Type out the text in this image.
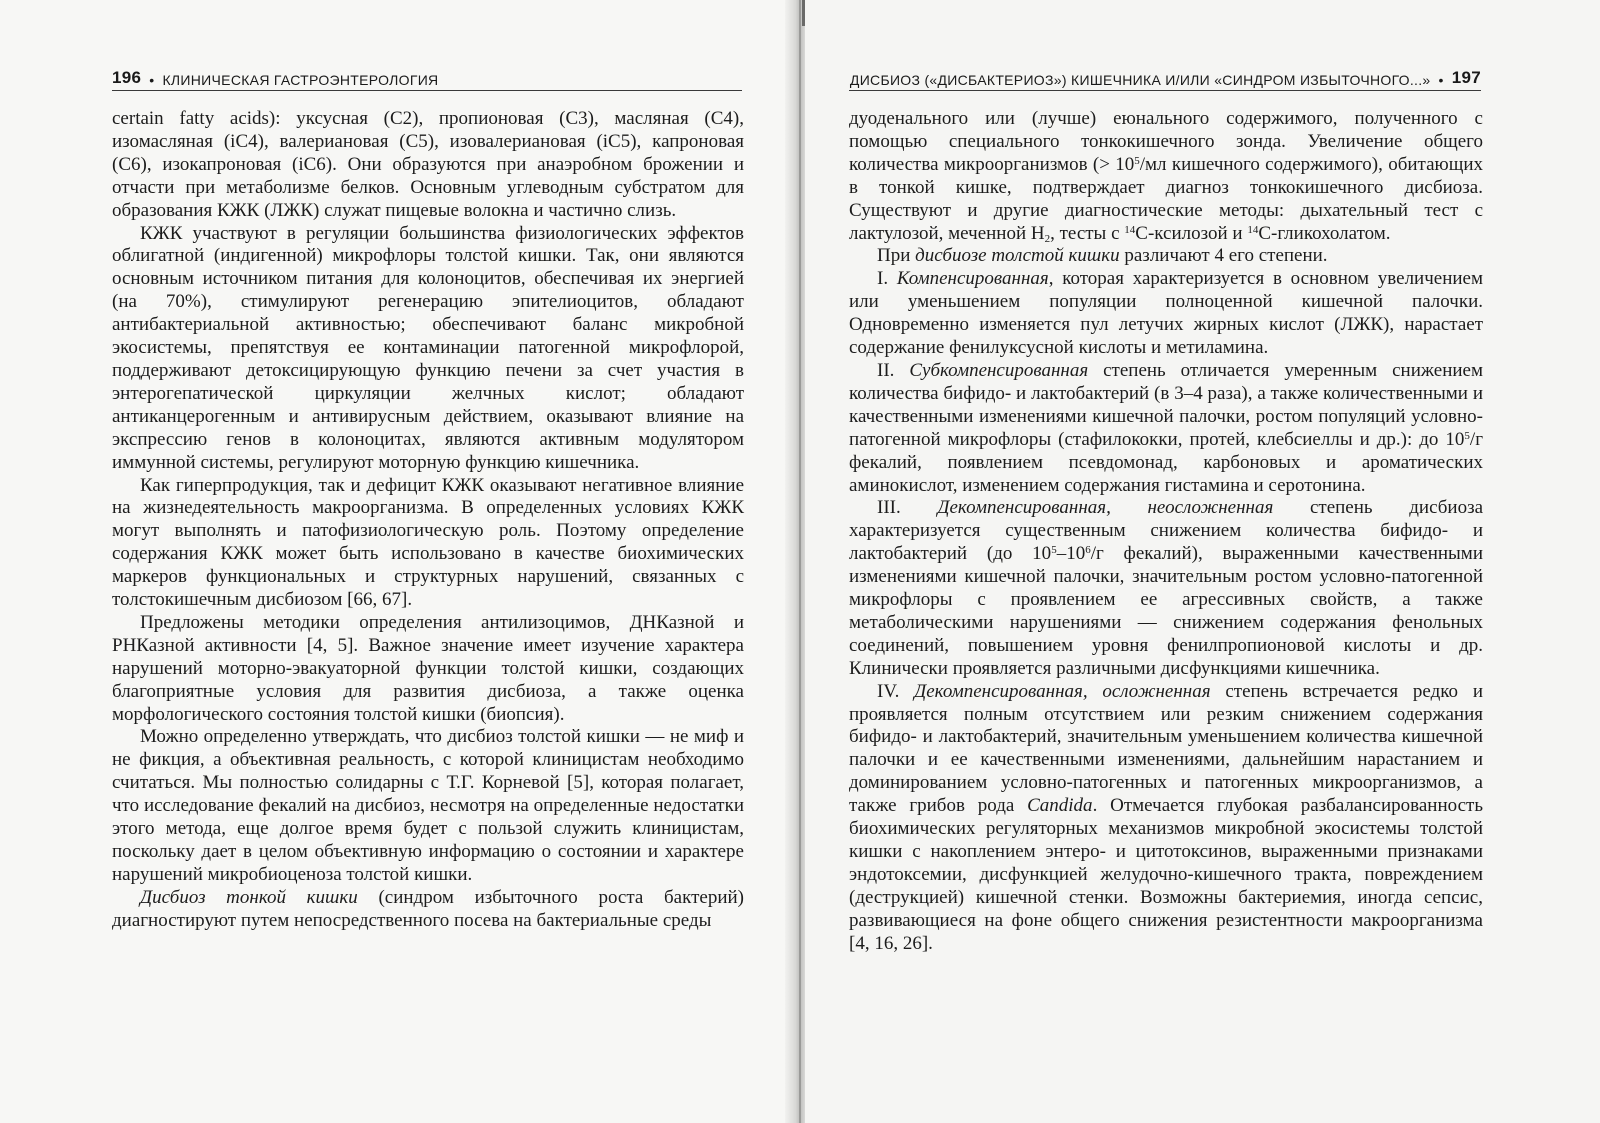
196 • КЛИНИЧЕСКАЯ ГАСТРОЭНТЕРОЛОГИЯ

certain fatty acids): уксусная (C2), пропионовая (C3), масляная (C4), изомасляная (iC4), валериановая (C5), изовалериановая (iC5), капроновая (C6), изокапроновая (iC6). Они образуются при анаэробном брожении и отчасти при метаболизме белков. Основным углеводным субстратом для образования КЖК (ЛЖК) служат пищевые волокна и частично слизь.

КЖК участвуют в регуляции большинства физиологических эффектов облигатной (индигенной) микрофлоры толстой кишки. Так, они являются основным источником питания для колоноцитов, обеспечивая их энергией (на 70%), стимулируют регенерацию эпителиоцитов, обладают антибактериальной активностью; обеспечивают баланс микробной экосистемы, препятствуя ее контаминации патогенной микрофлорой, поддерживают детоксицирующую функцию печени за счет участия в энтерогепатической циркуляции желчных кислот; обладают антиканцерогенным и антивирусным действием, оказывают влияние на экспрессию генов в колоноцитах, являются активным модулятором иммунной системы, регулируют моторную функцию кишечника.

Как гиперпродукция, так и дефицит КЖК оказывают негативное влияние на жизнедеятельность макроорганизма. В определенных условиях КЖК могут выполнять и патофизиологическую роль. Поэтому определение содержания КЖК может быть использовано в качестве биохимических маркеров функциональных и структурных нарушений, связанных с толстокишечным дисбиозом [66, 67].

Предложены методики определения антилизоцимов, ДНКазной и РНКазной активности [4, 5]. Важное значение имеет изучение характера нарушений моторно-эвакуаторной функции толстой кишки, создающих благоприятные условия для развития дисбиоза, а также оценка морфологического состояния толстой кишки (биопсия).

Можно определенно утверждать, что дисбиоз толстой кишки — не миф и не фикция, а объективная реальность, с которой клиницистам необходимо считаться. Мы полностью солидарны с Т.Г. Корневой [5], которая полагает, что исследование фекалий на дисбиоз, несмотря на определенные недостатки этого метода, еще долгое время будет с пользой служить клиницистам, поскольку дает в целом объективную информацию о состоянии и характере нарушений микробиоценоза толстой кишки.

Дисбиоз тонкой кишки (синдром избыточного роста бактерий) диагностируют путем непосредственного посева на бактериальные среды

ДИСБИОЗ («ДИСБАКТЕРИОЗ») КИШЕЧНИКА И/ИЛИ «СИНДРОМ ИЗБЫТОЧНОГО...» • 197

дуоденального или (лучше) еюнального содержимого, полученного с помощью специального тонкокишечного зонда. Увеличение общего количества микроорганизмов (> $10^5/мл$ кишечного содержимого), обитающих в тонкой кишке, подтверждает диагноз тонкокишечного дисбиоза. Существуют и другие диагностические методы: дыхательный тест с лактулозой, меченной $H_2$, тесты с $^{14}$C-ксилозой и $^{14}$C-гликохолатом.

При дисбиозе толстой кишки различают 4 его степени.

I. Компенсированная, которая характеризуется в основном увеличением или уменьшением популяции полноценной кишечной палочки. Одновременно изменяется пул летучих жирных кислот (ЛЖК), нарастает содержание фенилуксусной кислоты и метиламина.

II. Субкомпенсированная степень отличается умеренным снижением количества бифидо- и лактобактерий (в 3–4 раза), а также количественными и качественными изменениями кишечной палочки, ростом популяций условно-патогенной микрофлоры (стафилококки, протей, клебсиеллы и др.): до $10^5/г$ фекалий, появлением псевдомонад, карбоновых и ароматических аминокислот, изменением содержания гистамина и серотонина.

III. Декомпенсированная, неосложненная степень дисбиоза характеризуется существенным снижением количества бифидо- и лактобактерий (до $10^5-10^6/г$ фекалий), выраженными качественными изменениями кишечной палочки, значительным ростом условно-патогенной микрофлоры с проявлением ее агрессивных свойств, а также метаболическими нарушениями — снижением содержания фенольных соединений, повышением уровня фенилпропионовой кислоты и др. Клинически проявляется различными дисфункциями кишечника.

IV. Декомпенсированная, осложненная степень встречается редко и проявляется полным отсутствием или резким снижением содержания бифидо- и лактобактерий, значительным уменьшением количества кишечной палочки и ее качественными изменениями, дальнейшим нарастанием и доминированием условно-патогенных и патогенных микроорганизмов, а также грибов рода Candida. Отмечается глубокая разбалансированность биохимических регуляторных механизмов микробной экосистемы толстой кишки с накоплением энтеро- и цитотоксинов, выраженными признаками эндотоксемии, дисфункцией желудочно-кишечного тракта, повреждением (деструкцией) кишечной стенки. Возможны бактериемия, иногда сепсис, развивающиеся на фоне общего снижения резистентности макроорганизма [4, 16, 26].
